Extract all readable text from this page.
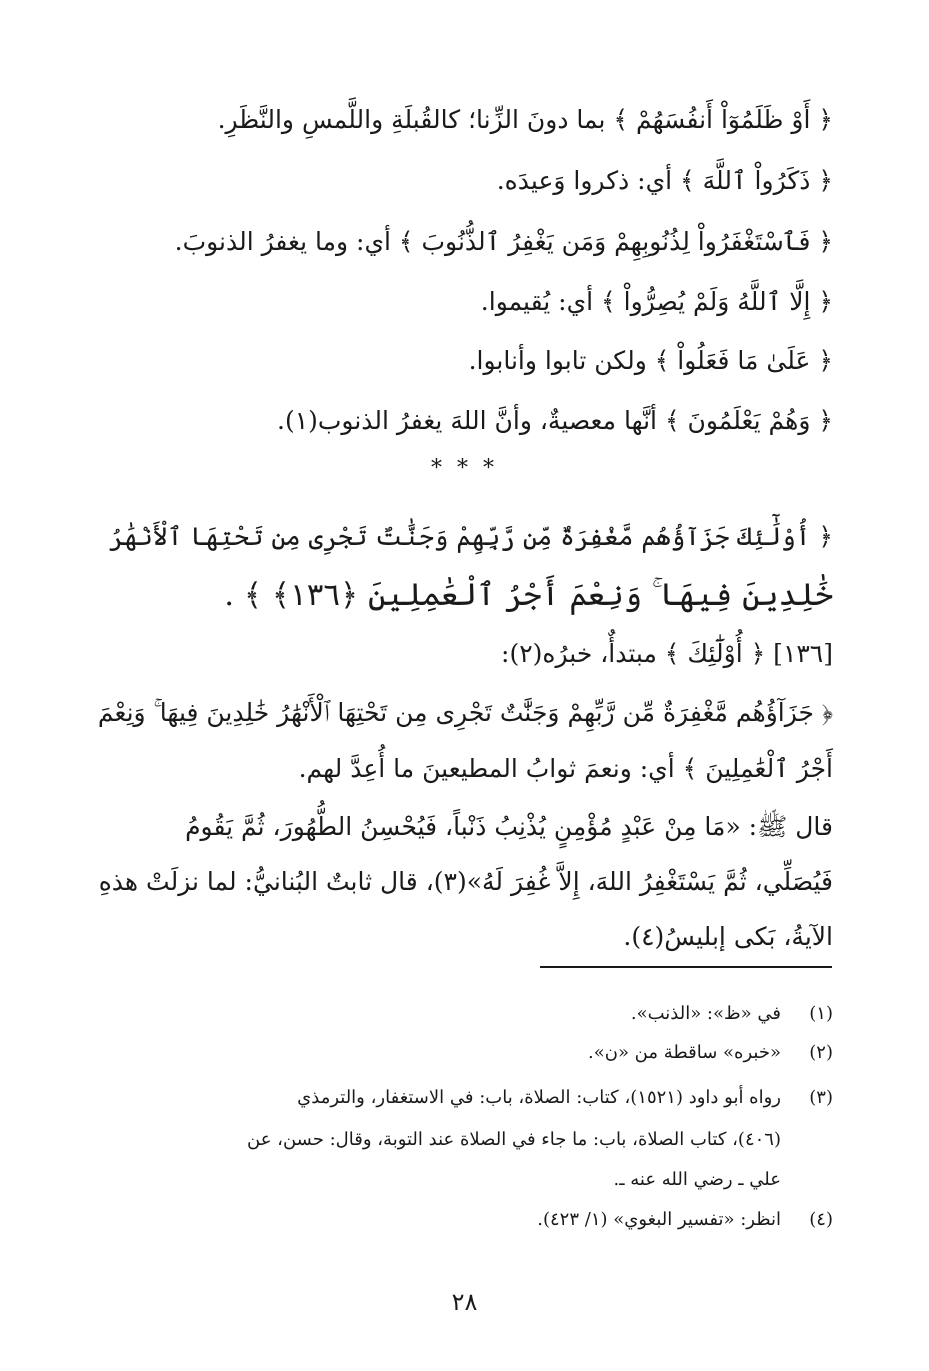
﴿ أَوْ ظَلَمُوٓاْ أَنفُسَهُمْ ﴾ بما دونَ الزِّنا؛ كالقُبلَةِ واللَّمسِ والنَّظَرِ.
﴿ ذَكَرُواْ ٱللَّهَ ﴾ أي: ذكروا وَعيدَه.
﴿ فَٱسْتَغْفَرُواْ لِذُنُوبِهِمْ وَمَن يَغْفِرُ ٱلذُّنُوبَ ﴾ أي: وما يغفرُ الذنوبَ.
﴿ إِلَّا ٱللَّهُ وَلَمْ يُصِرُّواْ ﴾ أي: يُقيموا.
﴿ عَلَىٰ مَا فَعَلُواْ ﴾ ولكن تابوا وأنابوا.
﴿ وَهُمْ يَعْلَمُونَ ﴾ أنَّها معصيةٌ، وأنَّ اللهَ يغفرُ الذنوب(١).
* * *
﴿ أُوْلَٰٓئِكَ جَزَآؤُهُم مَّغْفِرَةٌ مِّن رَّبِّهِمْ وَجَنَّٰتٌ تَجْرِى مِن تَحْتِهَا ٱلْأَنْهَٰرُ
خَٰلِدِينَ فِيهَا ۚ وَنِعْمَ أَجْرُ ٱلْعَٰمِلِينَ ﴿١٣٦﴾ ﴾ .
[١٣٦] ﴿ أُوْلَٰٓئِكَ ﴾ مبتدأٌ، خبرُه(٢):
﴿ جَزَآؤُهُم مَّغْفِرَةٌ مِّن رَّبِّهِمْ وَجَنَّٰتٌ تَجْرِى مِن تَحْتِهَا ٱلْأَنْهَٰرُ خَٰلِدِينَ فِيهَا ۚ وَنِعْمَ
أَجْرُ ٱلْعَٰمِلِينَ ﴾ أي: ونعمَ ثوابُ المطيعينَ ما أُعِدَّ لهم.
قال ﷺ: «مَا مِنْ عَبْدٍ مُؤْمِنٍ يُذْنِبُ ذَنْباً، فَيُحْسِنُ الطُّهُورَ، ثُمَّ يَقُومُ
فَيُصَلِّي، ثُمَّ يَسْتَغْفِرُ اللهَ، إِلاَّ غُفِرَ لَهُ»(٣)، قال ثابتٌ البُنانيُّ: لما نزلَتْ هذهِ
الآيةُ، بَكى إبليسُ(٤).
(١)في «ظ»: «الذنب».
(٢)«خبره» ساقطة من «ن».
(٣)رواه أبو داود (١٥٢١)، كتاب: الصلاة، باب: في الاستغفار، والترمذي
(٤٠٦)، كتاب الصلاة، باب: ما جاء في الصلاة عند التوبة، وقال: حسن، عن
علي ـ رضي الله عنه ـ.
(٤)انظر: «تفسير البغوي» (١/ ٤٢٣).
٢٨
